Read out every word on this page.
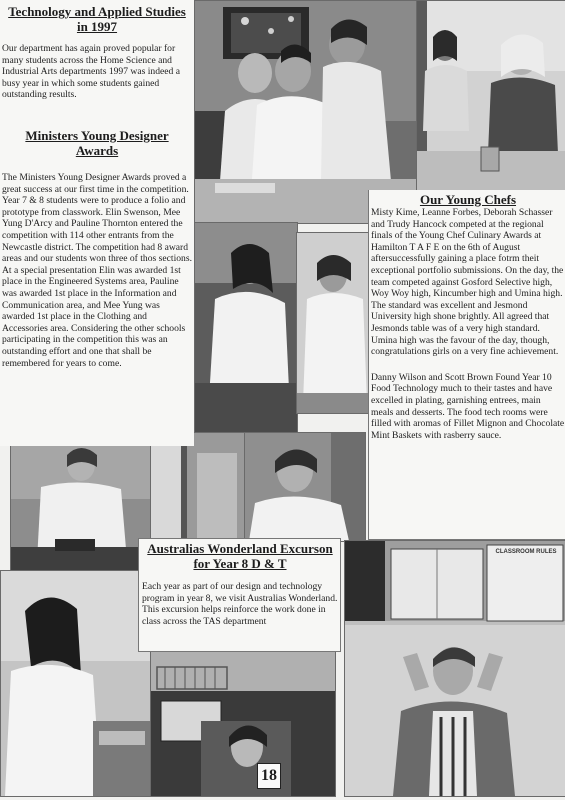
CLASSROOM RULES

Technology and Applied Studies
in 1997

Our department has again proved popular for many students across the Home Science and Industrial Arts departments 1997 was indeed a busy year in which some students gained outstanding results.

Ministers Young Designer
Awards

The Ministers Young Designer Awards proved a great success at our first time in the competition. Year 7 & 8 students were to produce a folio and prototype from classwork. Elin Swenson, Mee Yung D'Arcy and Pauline Thornton entered the competition with 114 other entrants from the Newcastle district. The competition had 8 award areas and our students won three of thos sections. At a special presentation Elin was awarded 1st place in the Engineered Systems area, Pauline was awarded 1st place in the Information and Communication area, and Mee Yung was awarded 1st place in the Clothing and Accessories area. Considering the other schools participating in the competition this was an outstanding effort and one that shall be remembered for years to come.

Our Young Chefs

Misty Kime, Leanne Forbes, Deborah Schasser and Trudy Hancock competed at the regional finals of the Young Chef Culinary Awards at Hamilton T A F E on the 6th of August aftersuccessfully gaining a place fotrm theit exceptional portfolio submissions. On the day, the team competed against Gosford Selective high, Woy Woy high, Kincumber high and Umina high. The standard was excellent and Jesmond University high shone brightly. All agreed that Jesmonds table was of a very high standard. Umina high was the favour of the day, though, congratulations girls on a very fine achievement.

Danny Wilson and Scott Brown Found Year 10 Food Technology much to their tastes and have excelled in plating, garnishing entrees, main meals and desserts. The food tech rooms were filled with aromas of Fillet Mignon and Chocolate Mint Baskets with rasberry sauce.

Australias Wonderland Excurson
for Year 8 D & T

Each year as part of our design and technology program in year 8, we visit Australias Wonderland. This excursion helps reinforce the work done in class across the TAS department

18
